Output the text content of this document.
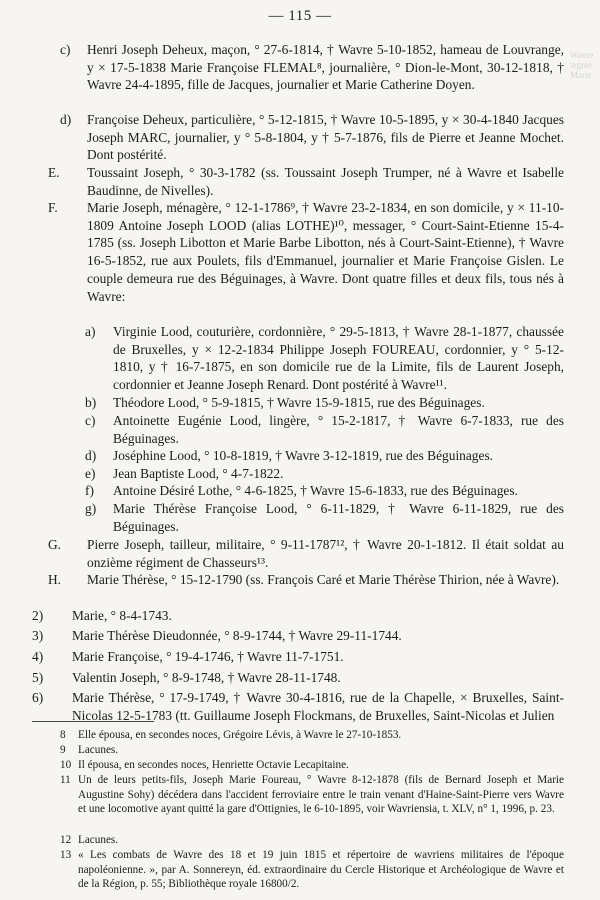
— 115 —
Wavre
tegnie
Marie
c) Henri Joseph Deheux, maçon, ° 27-6-1814, † Wavre 5-10-1852, hameau de Louvrange, y × 17-5-1838 Marie Françoise FLEMAL⁸, journalière, ° Dion-le-Mont, 30-12-1818, † Wavre 24-4-1895, fille de Jacques, journalier et Marie Catherine Doyen.
d) Françoise Deheux, particulière, ° 5-12-1815, † Wavre 10-5-1895, y × 30-4-1840 Jacques Joseph MARC, journalier, y ° 5-8-1804, y † 5-7-1876, fils de Pierre et Jeanne Mochet. Dont postérité.
E. Toussaint Joseph, ° 30-3-1782 (ss. Toussaint Joseph Trumper, né à Wavre et Isabelle Baudinne, de Nivelles).
F. Marie Joseph, ménagère, ° 12-1-1786⁹, † Wavre 23-2-1834, en son domicile, y × 11-10-1809 Antoine Joseph LOOD (alias LOTHE)¹⁰, messager, ° Court-Saint-Etienne 15-4-1785 (ss. Joseph Libotton et Marie Barbe Libotton, nés à Court-Saint-Etienne), † Wavre 16-5-1852, rue aux Poulets, fils d'Emmanuel, journalier et Marie Françoise Gislen. Le couple demeura rue des Béguinages, à Wavre. Dont quatre filles et deux fils, tous nés à Wavre:
a) Virginie Lood, couturière, cordonnière, ° 29-5-1813, † Wavre 28-1-1877, chaussée de Bruxelles, y × 12-2-1834 Philippe Joseph FOUREAU, cordonnier, y ° 5-12-1810, y † 16-7-1875, en son domicile rue de la Limite, fils de Laurent Joseph, cordonnier et Jeanne Joseph Renard. Dont postérité à Wavre¹¹.
b) Théodore Lood, ° 5-9-1815, † Wavre 15-9-1815, rue des Béguinages.
c) Antoinette Eugénie Lood, lingère, ° 15-2-1817, † Wavre 6-7-1833, rue des Béguinages.
d) Joséphine Lood, ° 10-8-1819, † Wavre 3-12-1819, rue des Béguinages.
e) Jean Baptiste Lood, ° 4-7-1822.
f) Antoine Désiré Lothe, ° 4-6-1825, † Wavre 15-6-1833, rue des Béguinages.
g) Marie Thérèse Françoise Lood, ° 6-11-1829, † Wavre 6-11-1829, rue des Béguinages.
G. Pierre Joseph, tailleur, militaire, ° 9-11-1787¹², † Wavre 20-1-1812. Il était soldat au onzième régiment de Chasseurs¹³.
H. Marie Thérèse, ° 15-12-1790 (ss. François Caré et Marie Thérèse Thirion, née à Wavre).
2) Marie, ° 8-4-1743.
3) Marie Thérèse Dieudonnée, ° 8-9-1744, † Wavre 29-11-1744.
4) Marie Françoise, ° 19-4-1746, † Wavre 11-7-1751.
5) Valentin Joseph, ° 8-9-1748, † Wavre 28-11-1748.
6) Marie Thérèse, ° 17-9-1749, † Wavre 30-4-1816, rue de la Chapelle, × Bruxelles, Saint-Nicolas 12-5-1783 (tt. Guillaume Joseph Flockmans, de Bruxelles, Saint-Nicolas et Julien
8 Elle épousa, en secondes noces, Grégoire Lévis, à Wavre le 27-10-1853.
9 Lacunes.
10 Il épousa, en secondes noces, Henriette Octavie Lecapitaine.
11 Un de leurs petits-fils, Joseph Marie Foureau, ° Wavre 8-12-1878 (fils de Bernard Joseph et Marie Augustine Sohy) décédera dans l'accident ferroviaire entre le train venant d'Haine-Saint-Pierre vers Wavre et une locomotive ayant quitté la gare d'Ottignies, le 6-10-1895, voir Wavriensia, t. XLV, n° 1, 1996, p. 23.
12 Lacunes.
13 « Les combats de Wavre des 18 et 19 juin 1815 et répertoire de wavriens militaires de l'époque napoléonienne. », par A. Sonnereyn, éd. extraordinaire du Cercle Historique et Archéologique de Wavre et de la Région, p. 55; Bibliothèque royale 16800/2.
